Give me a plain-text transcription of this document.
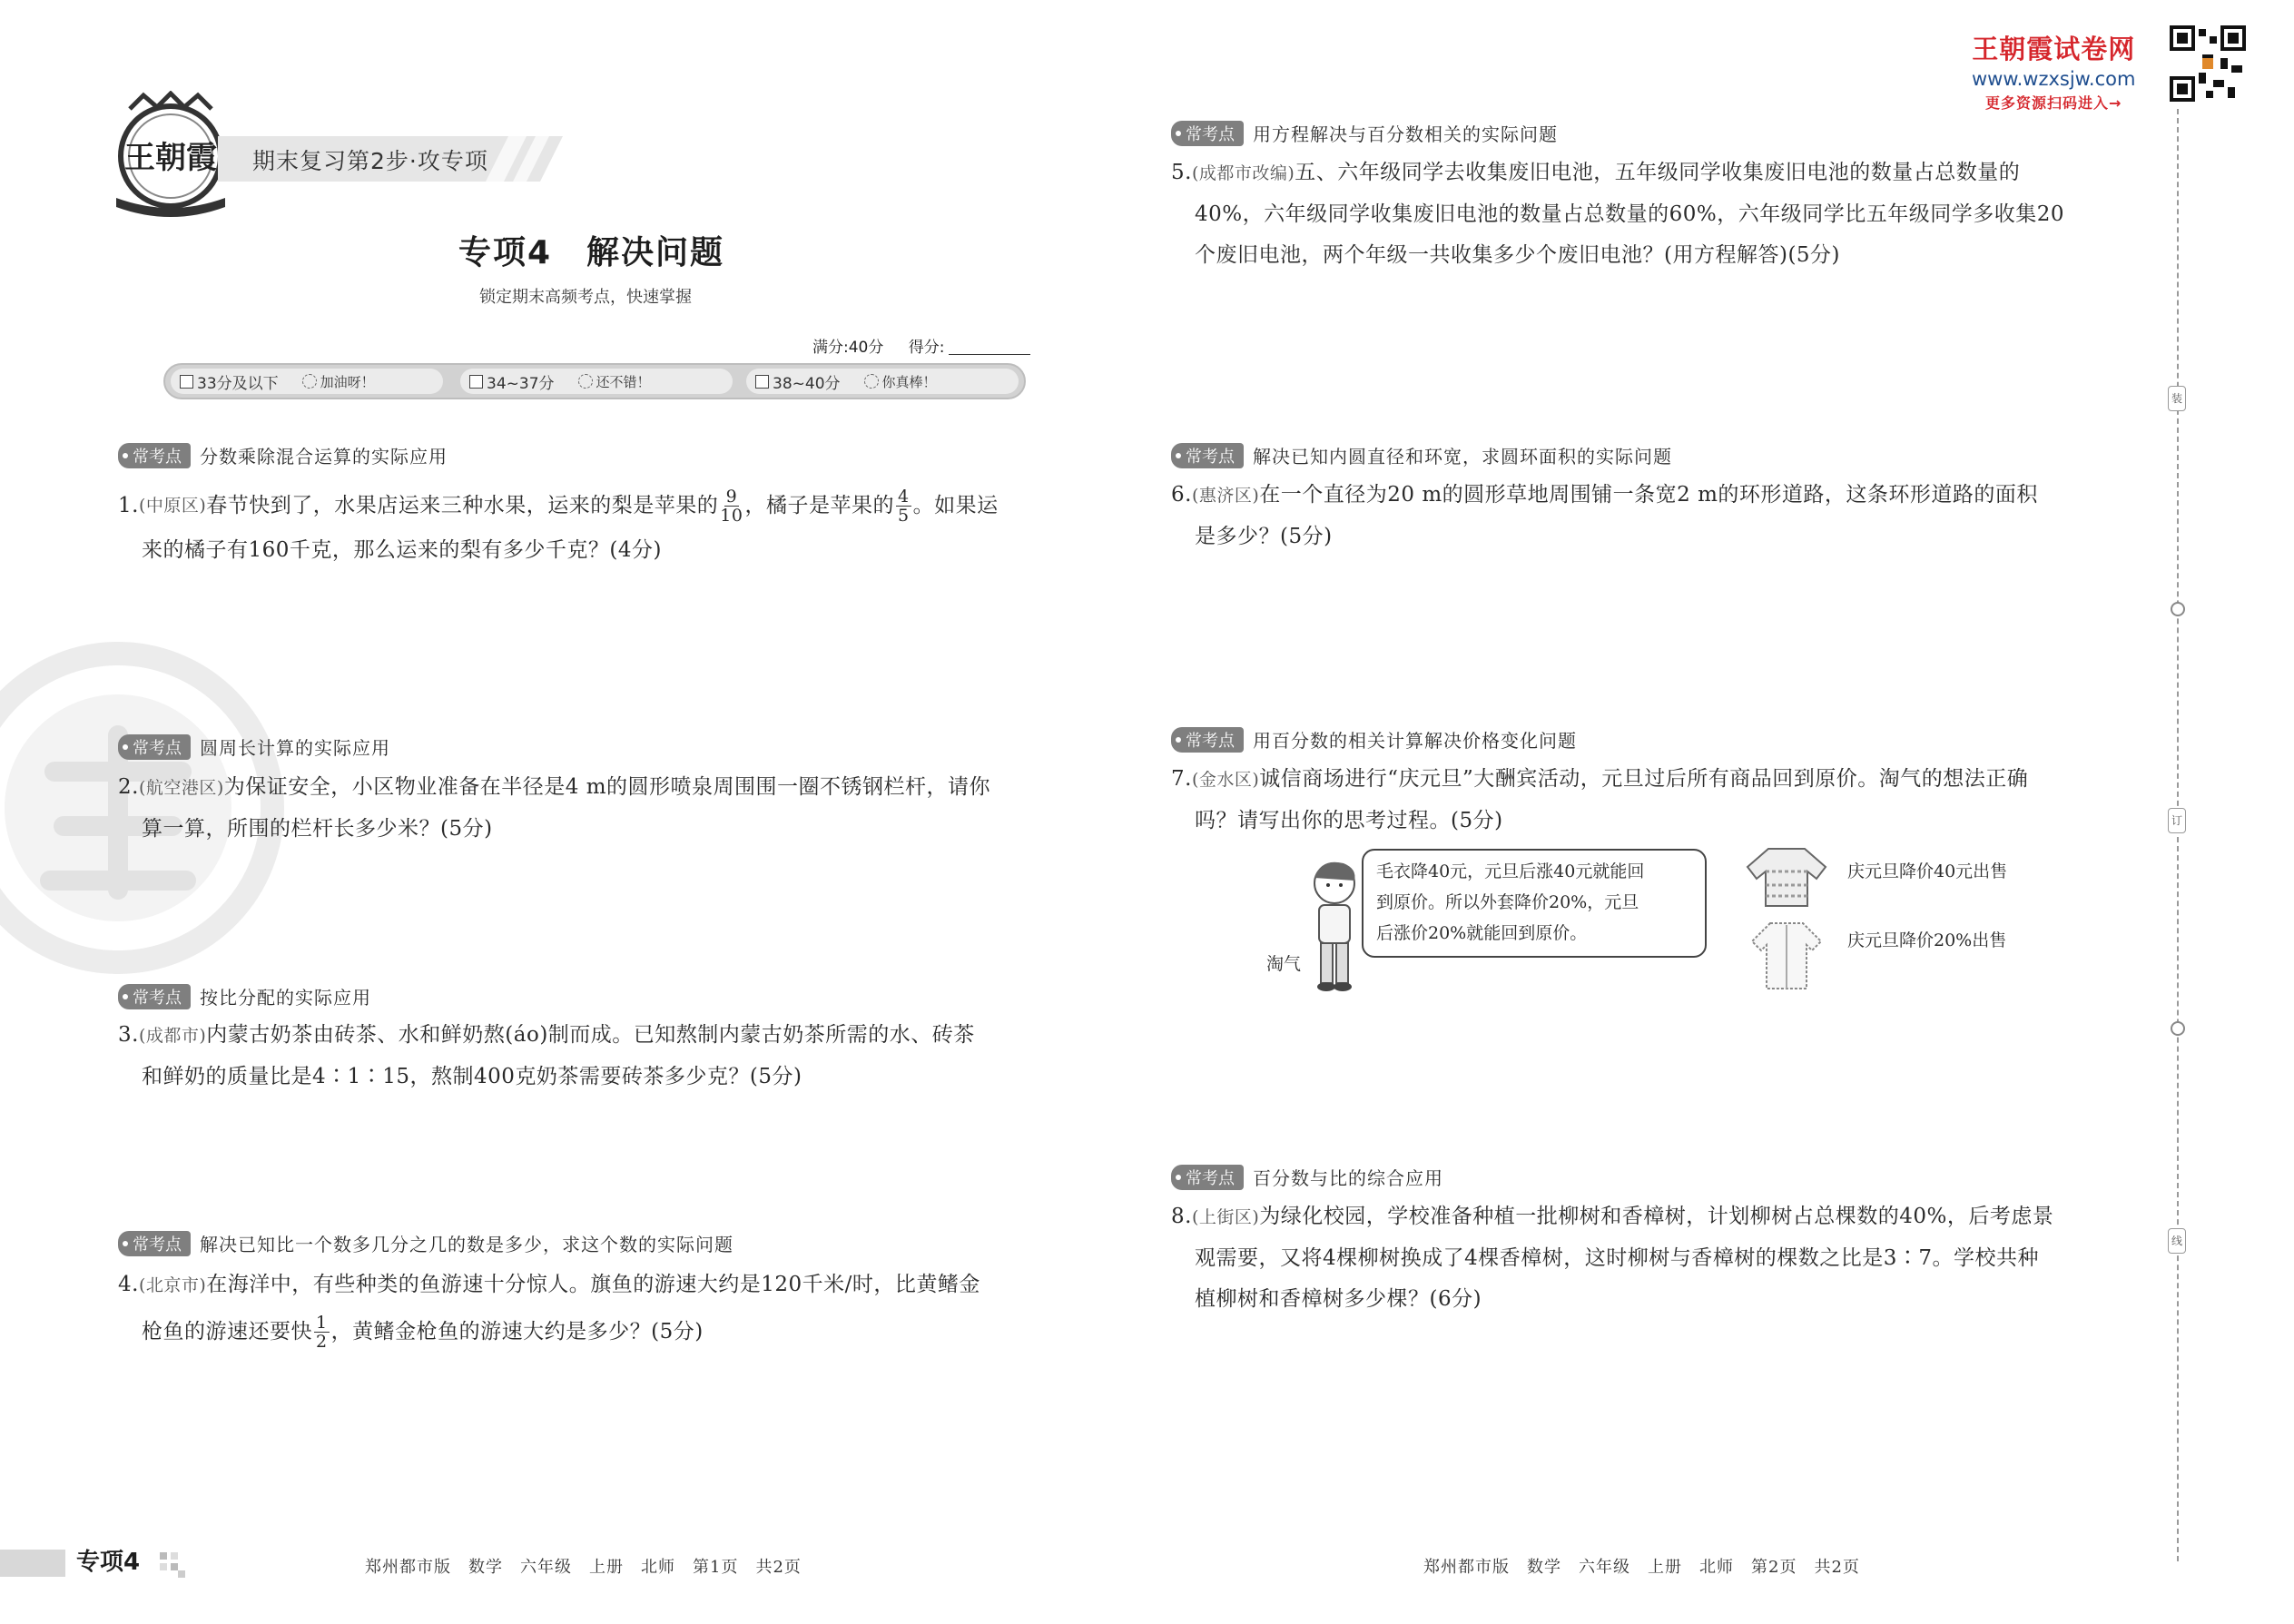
王朝霞 期末复习第2步·攻专项
专项4　解决问题
锁定期末高频考点，快速掌握
满分:40分 得分:
33分及以下	加油呀！	34~37分	还不错！	38~40分	你真棒！
常考点	分数乘除混合运算的实际应用
1. (中原区) 春节快到了，水果店运来三种水果，运来的梨是苹果的 $\frac{9}{10}$ ，橘子是苹果的 $\frac{4}{5}$ 。如果运
来的橘子有160千克，那么运来的梨有多少千克？(4分)
常考点	圆周长计算的实际应用
2.(航空港区)为保证安全，小区物业准备在半径是4 m的圆形喷泉周围围一圈不锈钢栏杆，请你
算一算，所围的栏杆长多少米？(5分)
常考点	按比分配的实际应用
3.(成都市)内蒙古奶茶由砖茶、水和鲜奶熬(áo)制而成。已知熬制内蒙古奶茶所需的水、砖茶
和鲜奶的质量比是4∶1∶15，熬制400克奶茶需要砖茶多少克？(5分)
常考点	解决已知比一个数多几分之几的数是多少，求这个数的实际问题
4.(北京市)在海洋中，有些种类的鱼游速十分惊人。旗鱼的游速大约是120千米/时，比黄鳍金
枪鱼的游速还要快 $\frac{1}{2}$ ，黄鳍金枪鱼的游速大约是多少？(5分)
常考点	用方程解决与百分数相关的实际问题
5.(成都市改编)五、六年级同学去收集废旧电池，五年级同学收集废旧电池的数量占总数量的
40%，六年级同学收集废旧电池的数量占总数量的60%，六年级同学比五年级同学多收集20
个废旧电池，两个年级一共收集多少个废旧电池？(用方程解答)(5分)
常考点	解决已知内圆直径和环宽，求圆环面积的实际问题
6.(惠济区)在一个直径为20 m的圆形草地周围铺一条宽2 m的环形道路，这条环形道路的面积
是多少？(5分)
常考点	用百分数的相关计算解决价格变化问题
7.(金水区)诚信商场进行“庆元旦”大酬宾活动，元旦过后所有商品回到原价。淘气的想法正确
吗？请写出你的思考过程。(5分)
淘气
毛衣降40元，元旦后涨40元就能回
到原价。所以外套降价20%，元旦
后涨价20%就能回到原价。
庆元旦降价40元出售
庆元旦降价20%出售
常考点	百分数与比的综合应用
8.(上街区)为绿化校园，学校准备种植一批柳树和香樟树，计划柳树占总棵数的40%，后考虑景
观需要，又将4棵柳树换成了4棵香樟树，这时柳树与香樟树的棵数之比是3∶7。学校共种
植柳树和香樟树多少棵？(6分)
王朝霞试卷网
www.wzxsjw.com
更多资源扫码进入→
装
订
线
专项4	郑州都市版　数学　六年级　上册　北师　第1页　共2页	郑州都市版　数学　六年级　上册　北师　第2页　共2页
